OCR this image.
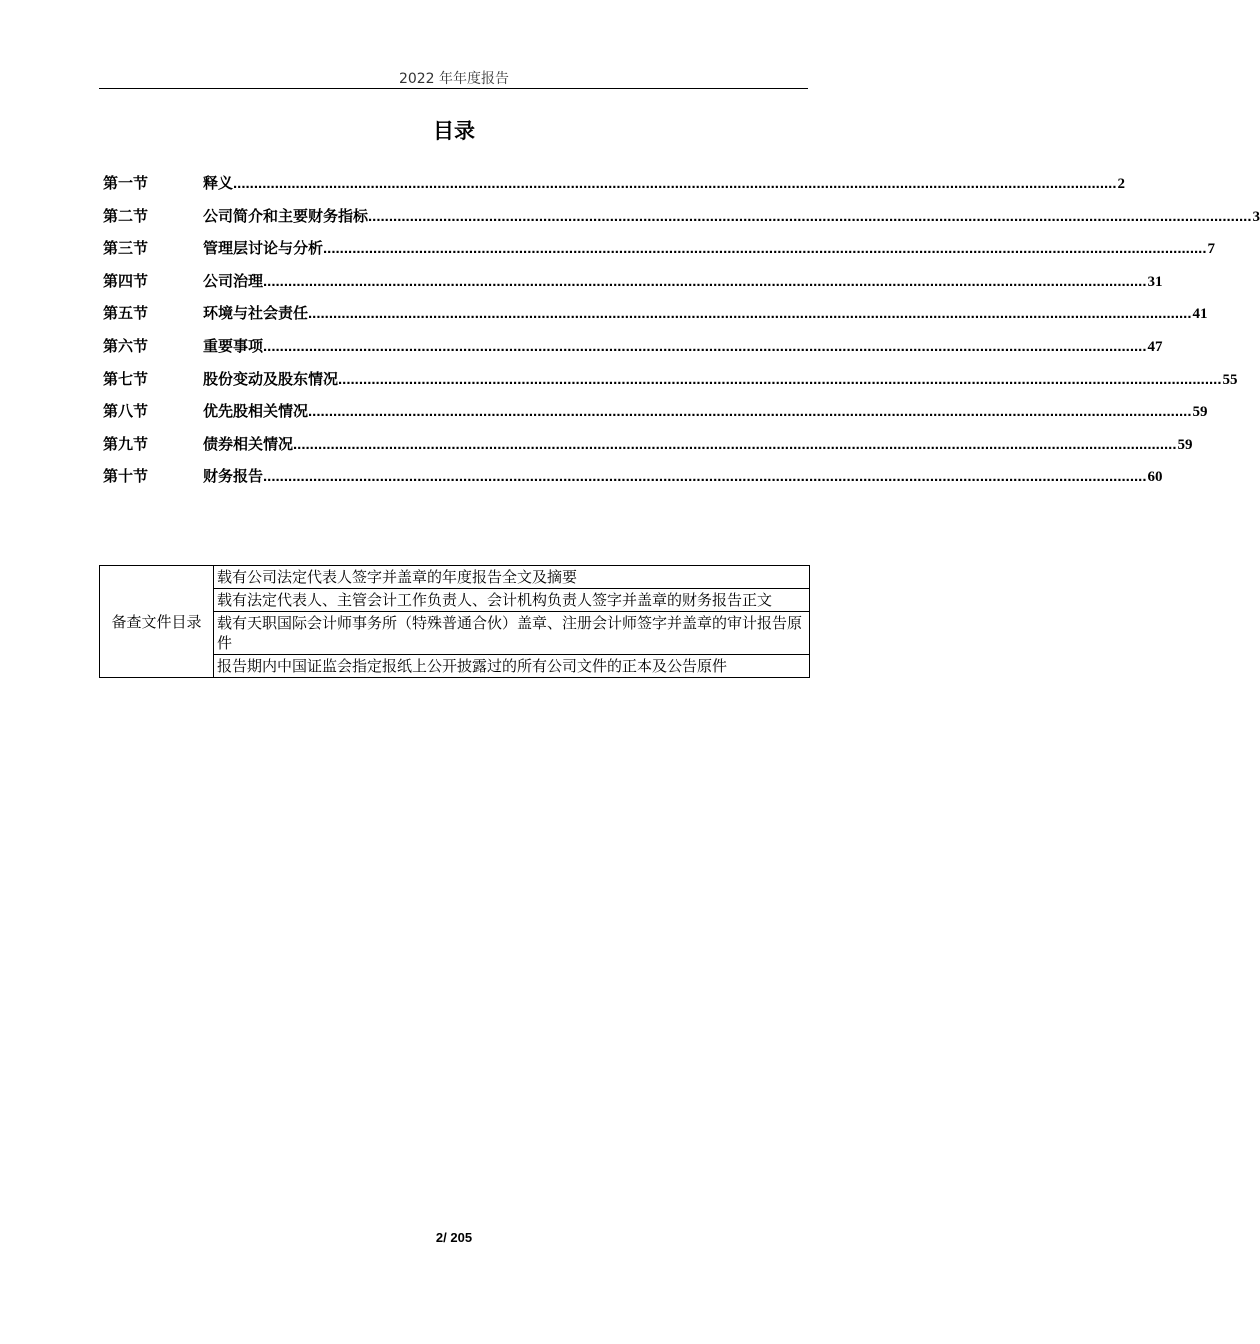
2022 年年度报告
目录
第一节	释义 .................................................................................................................................................................................................................... 2
第二节	公司简介和主要财务指标 .................................................................................................................................................................................................................... 3
第三节	管理层讨论与分析 .................................................................................................................................................................................................................... 7
第四节	公司治理 .................................................................................................................................................................................................................... 31
第五节	环境与社会责任 .................................................................................................................................................................................................................... 41
第六节	重要事项 .................................................................................................................................................................................................................... 47
第七节	股份变动及股东情况 .................................................................................................................................................................................................................... 55
第八节	优先股相关情况 .................................................................................................................................................................................................................... 59
第九节	债券相关情况 .................................................................................................................................................................................................................... 59
第十节	财务报告 .................................................................................................................................................................................................................... 60
备查文件目录	载有公司法定代表人签字并盖章的年度报告全文及摘要
载有法定代表人、主管会计工作负责人、会计机构负责人签字并盖章的财务报告正文
载有天职国际会计师事务所（特殊普通合伙）盖章、注册会计师签字并盖章的审计报告原件
报告期内中国证监会指定报纸上公开披露过的所有公司文件的正本及公告原件
2/ 205
